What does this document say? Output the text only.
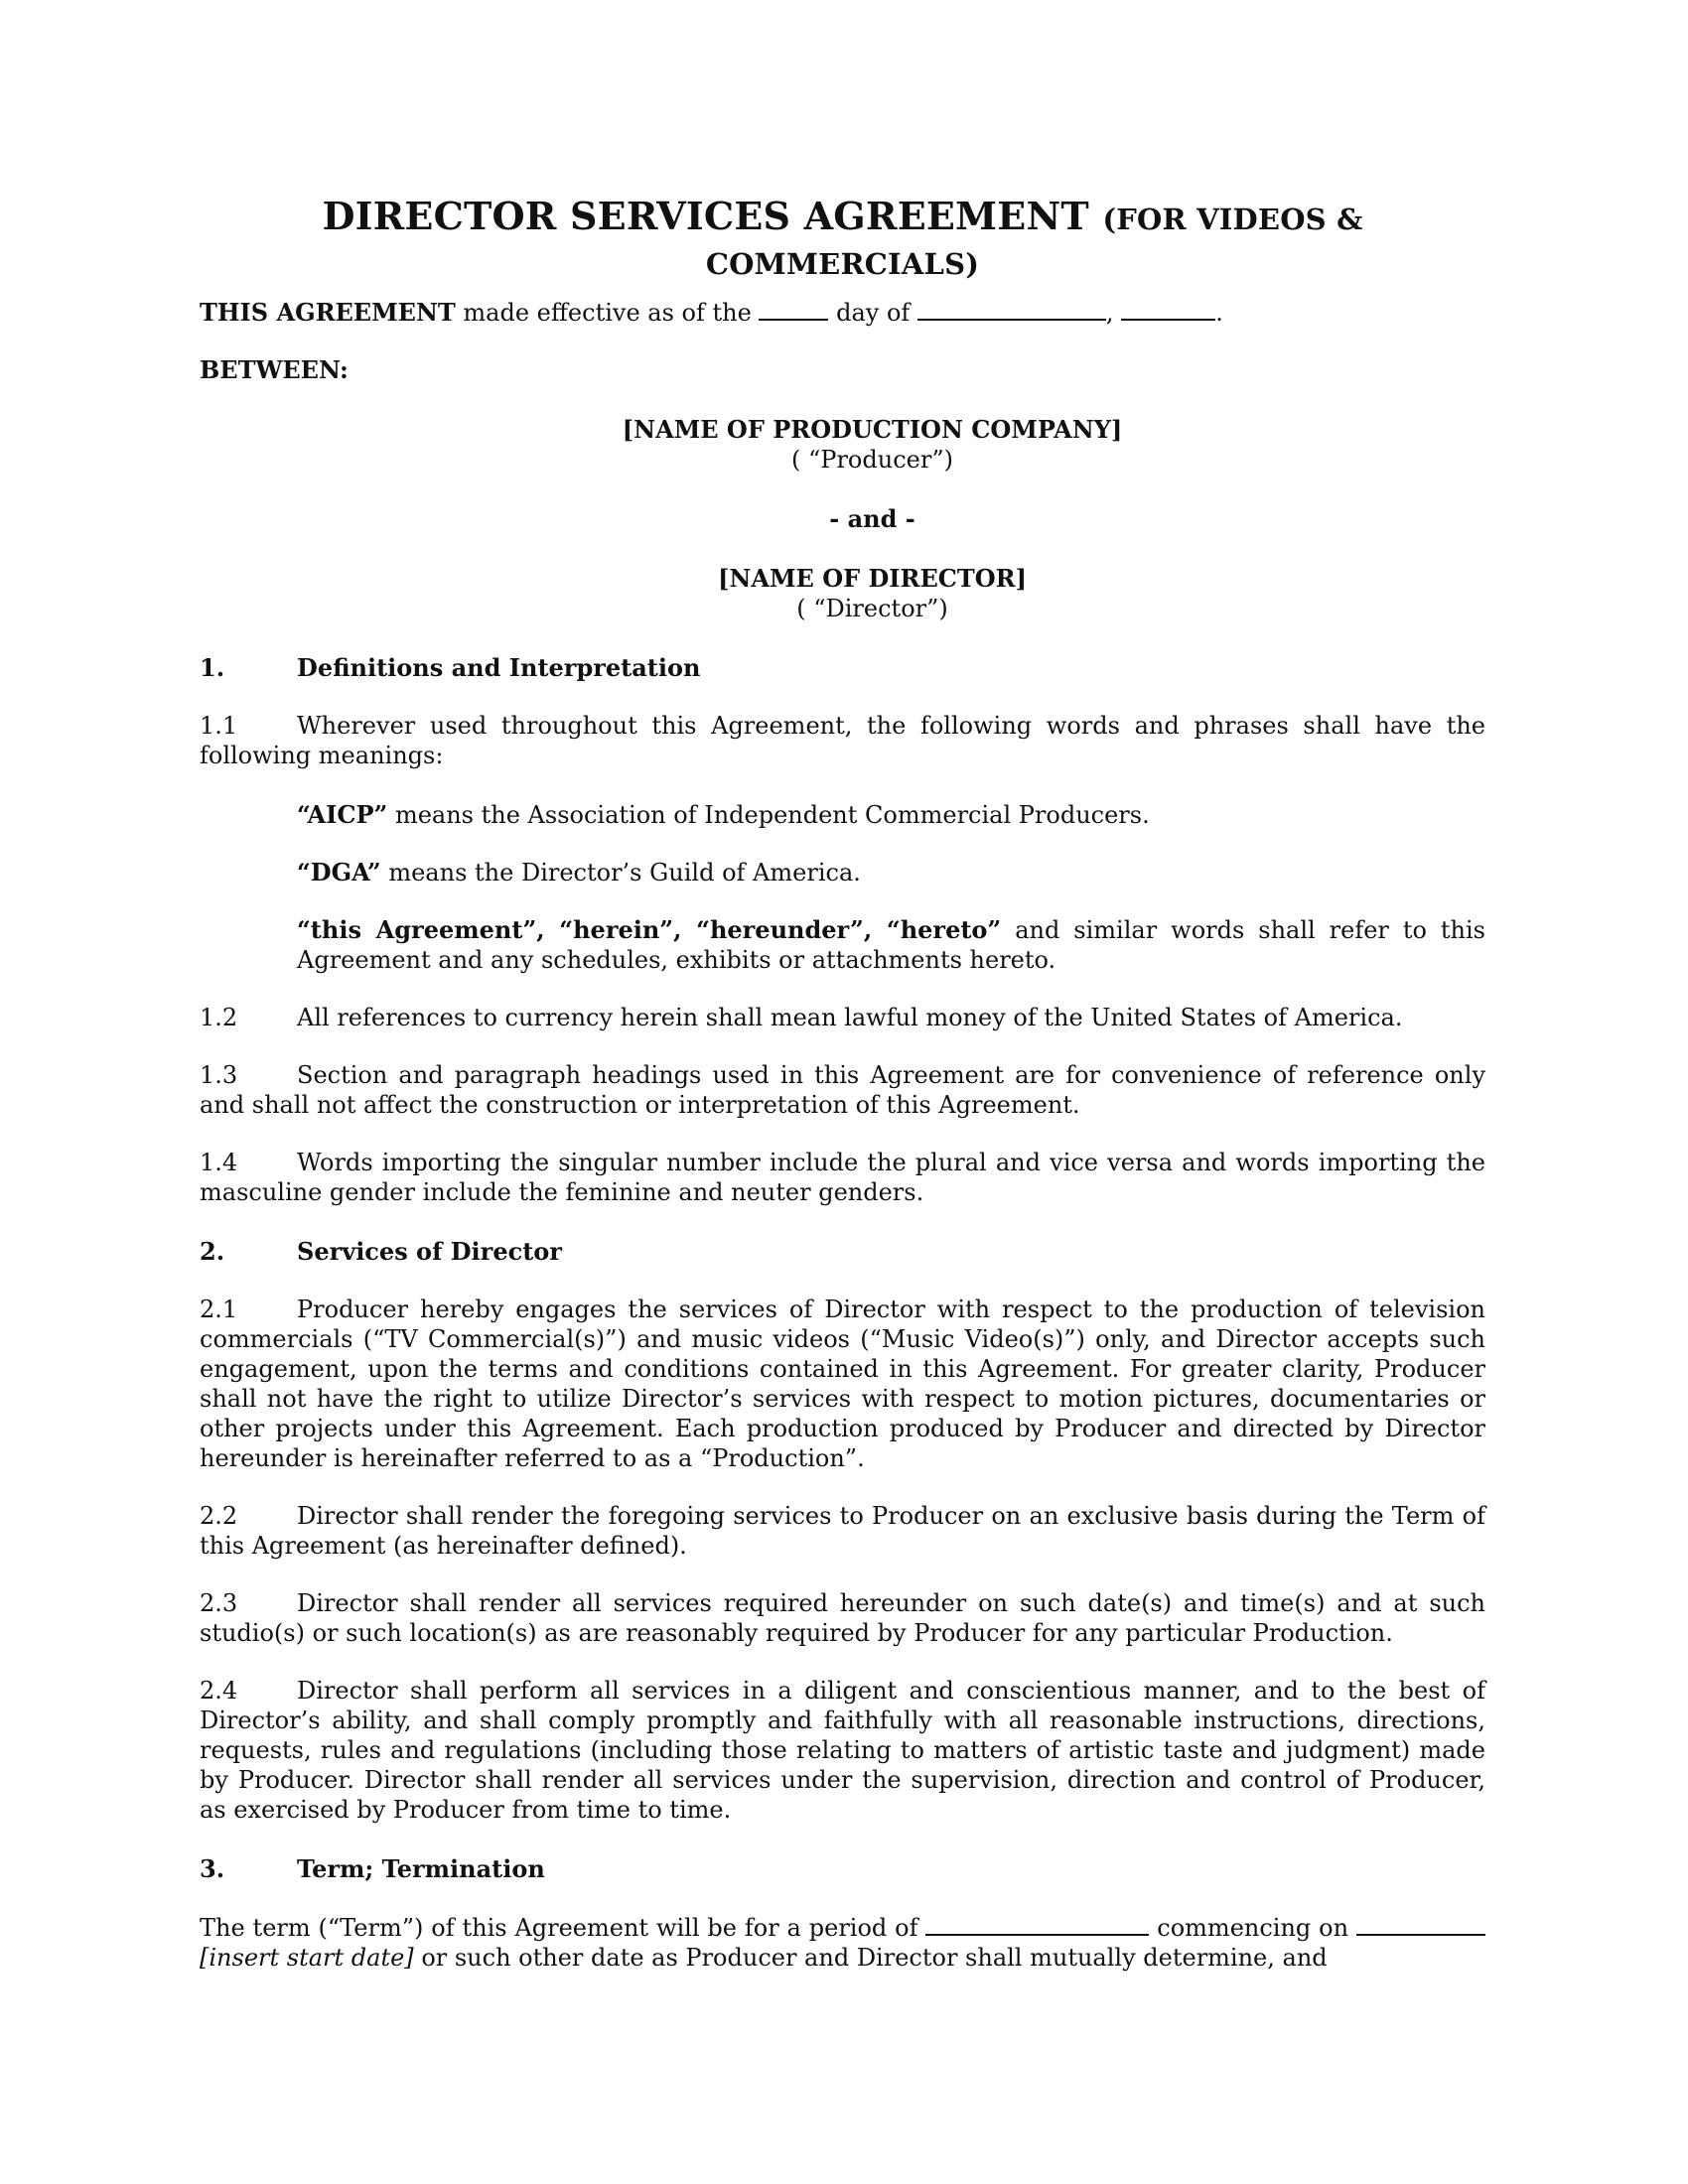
DIRECTOR SERVICES AGREEMENT (FOR VIDEOS & COMMERCIALS)

THIS AGREEMENT made effective as of the	day of	,	.

BETWEEN:

[NAME OF PRODUCTION COMPANY]

( “Producer”)

- and -

[NAME OF DIRECTOR]

( “Director”)

1.	Definitions and Interpretation

1.1 Wherever used throughout this Agreement, the following words and phrases shall have the following meanings:

“AICP” means the Association of Independent Commercial Producers.

“DGA” means the Director’s Guild of America.

“this Agreement”, “herein”, “hereunder”, “hereto” and similar words shall refer to this Agreement and any schedules, exhibits or attachments hereto.

1.2 All references to currency herein shall mean lawful money of the United States of America.

1.3 Section and paragraph headings used in this Agreement are for convenience of reference only and shall not affect the construction or interpretation of this Agreement.

1.4 Words importing the singular number include the plural and vice versa and words importing the masculine gender include the feminine and neuter genders.

2.	Services of Director

2.1 Producer hereby engages the services of Director with respect to the production of television commercials (“TV Commercial(s)”) and music videos (“Music Video(s)”) only, and Director accepts such engagement, upon the terms and conditions contained in this Agreement. For greater clarity, Producer shall not have the right to utilize Director’s services with respect to motion pictures, documentaries or other projects under this Agreement. Each production produced by Producer and directed by Director hereunder is hereinafter referred to as a “Production”.

2.2 Director shall render the foregoing services to Producer on an exclusive basis during the Term of this Agreement (as hereinafter defined).

2.3 Director shall render all services required hereunder on such date(s) and time(s) and at such studio(s) or such location(s) as are reasonably required by Producer for any particular Production.

2.4 Director shall perform all services in a diligent and conscientious manner, and to the best of Director’s ability, and shall comply promptly and faithfully with all reasonable instructions, directions, requests, rules and regulations (including those relating to matters of artistic taste and judgment) made by Producer. Director shall render all services under the supervision, direction and control of Producer, as exercised by Producer from time to time.

3.	Term; Termination

The term (“Term”) of this Agreement will be for a period of	commencing on  [insert start date] or such other date as Producer and Director shall mutually determine, and
